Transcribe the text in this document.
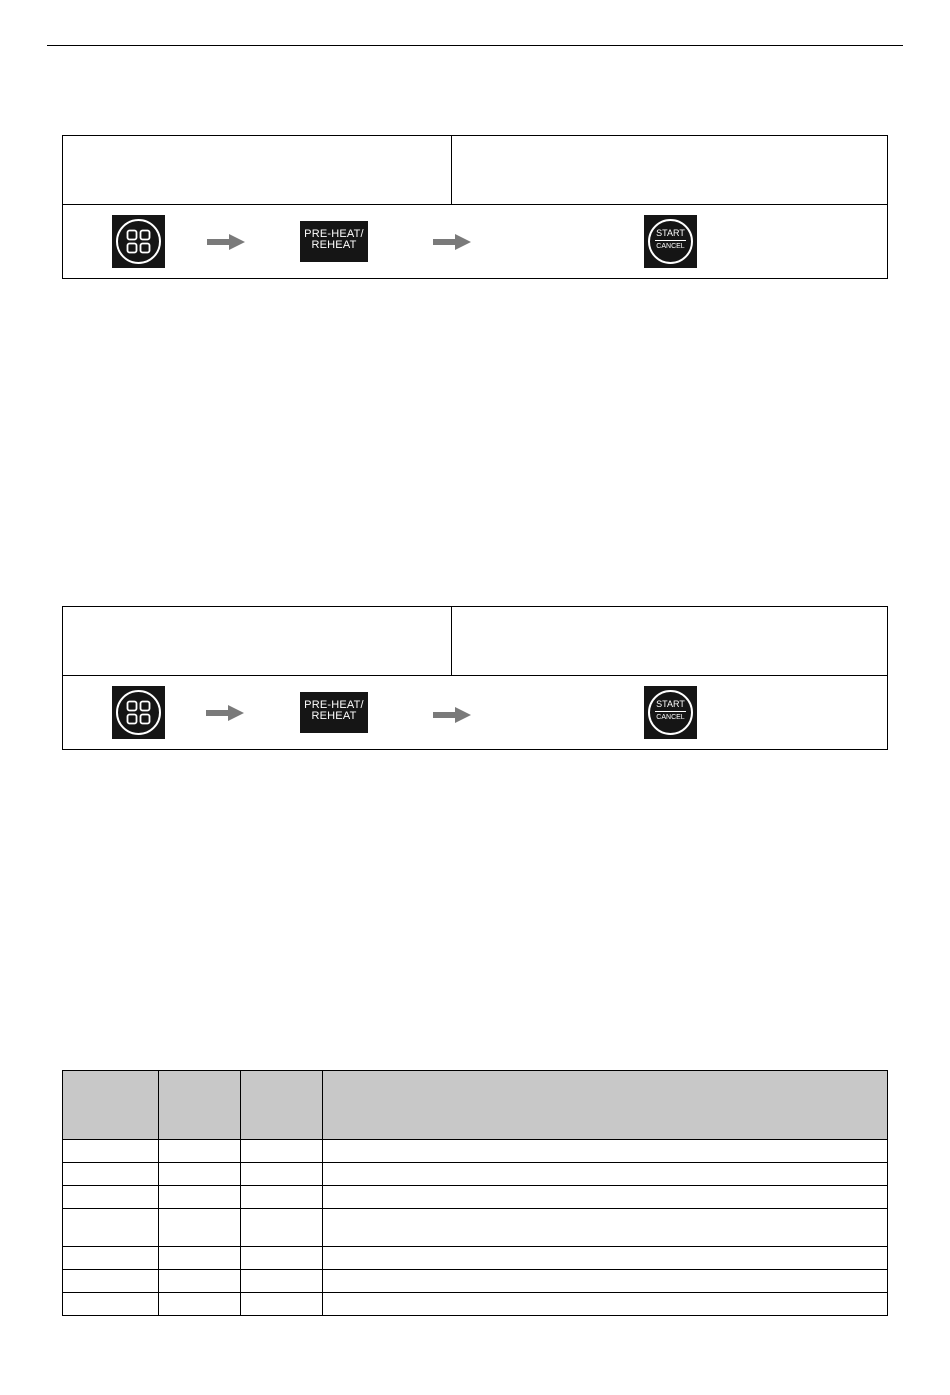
PRE-HEAT/
REHEAT
START
CANCEL
PRE-HEAT/
REHEAT
START
CANCEL
